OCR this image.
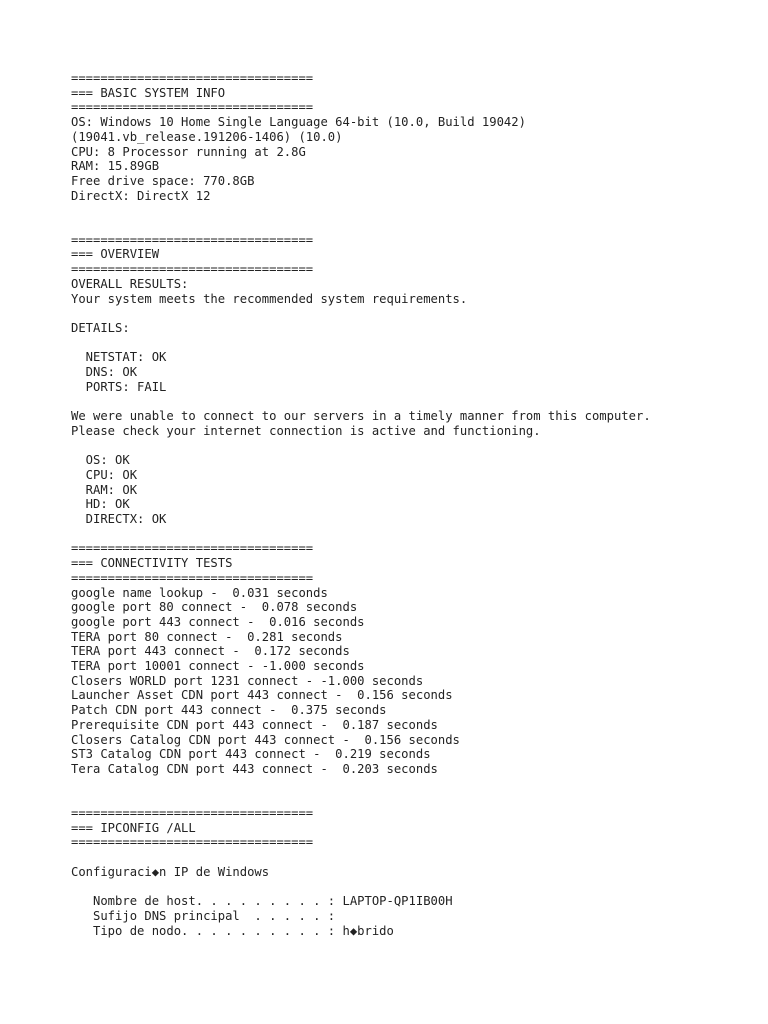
=================================
=== BASIC SYSTEM INFO
=================================
OS: Windows 10 Home Single Language 64-bit (10.0, Build 19042)
(19041.vb_release.191206-1406) (10.0)
CPU: 8 Processor running at 2.8G
RAM: 15.89GB
Free drive space: 770.8GB
DirectX: DirectX 12
=================================
=== OVERVIEW
=================================
OVERALL RESULTS:
Your system meets the recommended system requirements.
DETAILS:
NETSTAT: OK
DNS: OK
PORTS: FAIL
We were unable to connect to our servers in a timely manner from this computer.
Please check your internet connection is active and functioning.
OS: OK
CPU: OK
RAM: OK
HD: OK
DIRECTX: OK
=================================
=== CONNECTIVITY TESTS
=================================
google name lookup -  0.031 seconds
google port 80 connect -  0.078 seconds
google port 443 connect -  0.016 seconds
TERA port 80 connect -  0.281 seconds
TERA port 443 connect -  0.172 seconds
TERA port 10001 connect - -1.000 seconds
Closers WORLD port 1231 connect - -1.000 seconds
Launcher Asset CDN port 443 connect -  0.156 seconds
Patch CDN port 443 connect -  0.375 seconds
Prerequisite CDN port 443 connect -  0.187 seconds
Closers Catalog CDN port 443 connect -  0.156 seconds
ST3 Catalog CDN port 443 connect -  0.219 seconds
Tera Catalog CDN port 443 connect -  0.203 seconds
=================================
=== IPCONFIG /ALL
=================================
Configuraci◆n IP de Windows
Nombre de host. . . . . . . . . : LAPTOP-QP1IB00H
Sufijo DNS principal  . . . . . :
Tipo de nodo. . . . . . . . . . : h◆brido
